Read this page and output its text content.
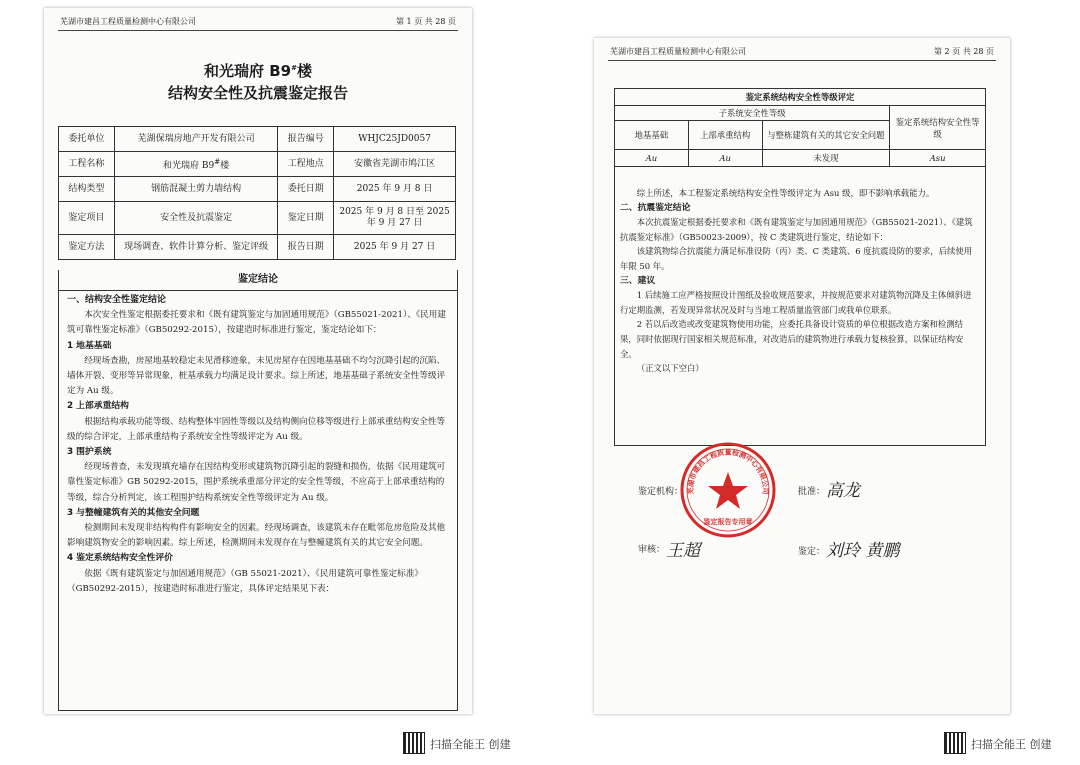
芜湖市建昌工程质量检测中心有限公司	第 1 页 共 28 页
和光瑞府 B9#楼
结构安全性及抗震鉴定报告
委托单位	芜湖保瑞房地产开发有限公司	报告编号	WHJC25JD0057
工程名称	和光瑞府 B9#楼	工程地点	安徽省芜湖市鸠江区
结构类型	钢筋混凝土剪力墙结构	委托日期	2025 年 9 月 8 日
鉴定项目	安全性及抗震鉴定	鉴定日期	2025 年 9 月 8 日至 2025
年 9 月 27 日
鉴定方法	现场调查、软件计算分析、鉴定评级	报告日期	2025 年 9 月 27 日
鉴定结论
一、结构安全性鉴定结论

本次安全性鉴定根据委托要求和《既有建筑鉴定与加固通用规范》（GB55021-2021）、《民用建筑可靠性鉴定标准》（GB50292-2015），按建造时标准进行鉴定，鉴定结论如下：

1 地基基础

经现场查勘，房屋地基较稳定未见滑移迹象，未见房屋存在因地基基础不均匀沉降引起的沉陷、墙体开裂、变形等异常现象，桩基承载力均满足设计要求。综上所述，地基基础子系统安全性等级评定为 Au 级。

2 上部承重结构

根据结构承载功能等级、结构整体牢固性等级以及结构侧向位移等级进行上部承重结构安全性等级的综合评定，上部承重结构子系统安全性等级评定为 Au 级。

3 围护系统

经现场普查，未发现填充墙存在因结构变形或建筑物沉降引起的裂缝和损伤，依据《民用建筑可靠性鉴定标准》GB 50292-2015，围护系统承重部分评定的安全性等级，不应高于上部承重结构的等级，综合分析判定，该工程围护结构系统安全性等级评定为 Au 级。

3 与整幢建筑有关的其他安全问题

检测期间未发现非结构构件有影响安全的因素。经现场调查，该建筑未存在毗邻危房危险及其他影响建筑物安全的影响因素。综上所述，检测期间未发现存在与整幢建筑有关的其它安全问题。

4 鉴定系统结构安全性评价

依据《既有建筑鉴定与加固通用规范》（GB 55021-2021）、《民用建筑可靠性鉴定标准》（GB50292-2015），按建造时标准进行鉴定，具体评定结果见下表：

芜湖市建昌工程质量检测中心有限公司	第 2 页 共 28 页
鉴定系统结构安全性等级评定			
子系统安全性等级			鉴定系统结构安全性等级
地基基础	上部承重结构	与整栋建筑有关的其它安全问题	
Au	Au	未发现	Asu

综上所述，本工程鉴定系统结构安全性等级评定为 Asu 级，即不影响承载能力。

二、抗震鉴定结论

本次抗震鉴定根据委托要求和《既有建筑鉴定与加固通用规范》（GB55021-2021）、《建筑抗震鉴定标准》（GB50023-2009），按 C 类建筑进行鉴定，结论如下：

该建筑物综合抗震能力满足标准设防（丙）类、C 类建筑、6 度抗震设防的要求，后续使用年限 50 年。

三、建议

1 后续施工应严格按照设计图纸及验收规范要求，并按规范要求对建筑物沉降及主体倾斜进行定期监测，若发现异常状况及时与当地工程质量监管部门或我单位联系。

2 若以后改造或改变建筑物使用功能，应委托具备设计资质的单位根据改造方案和检测结果，同时依据现行国家相关规范标准，对改造后的建筑物进行承载力复核验算，以保证结构安全。

（正文以下空白）

芜湖市建昌工程质量检测中心有限公司
鉴定报告专用章
鉴定机构：	批准： 高龙
审核： 王超	鉴定： 刘玲 黄鹏
扫描全能王 创建	扫描全能王 创建
